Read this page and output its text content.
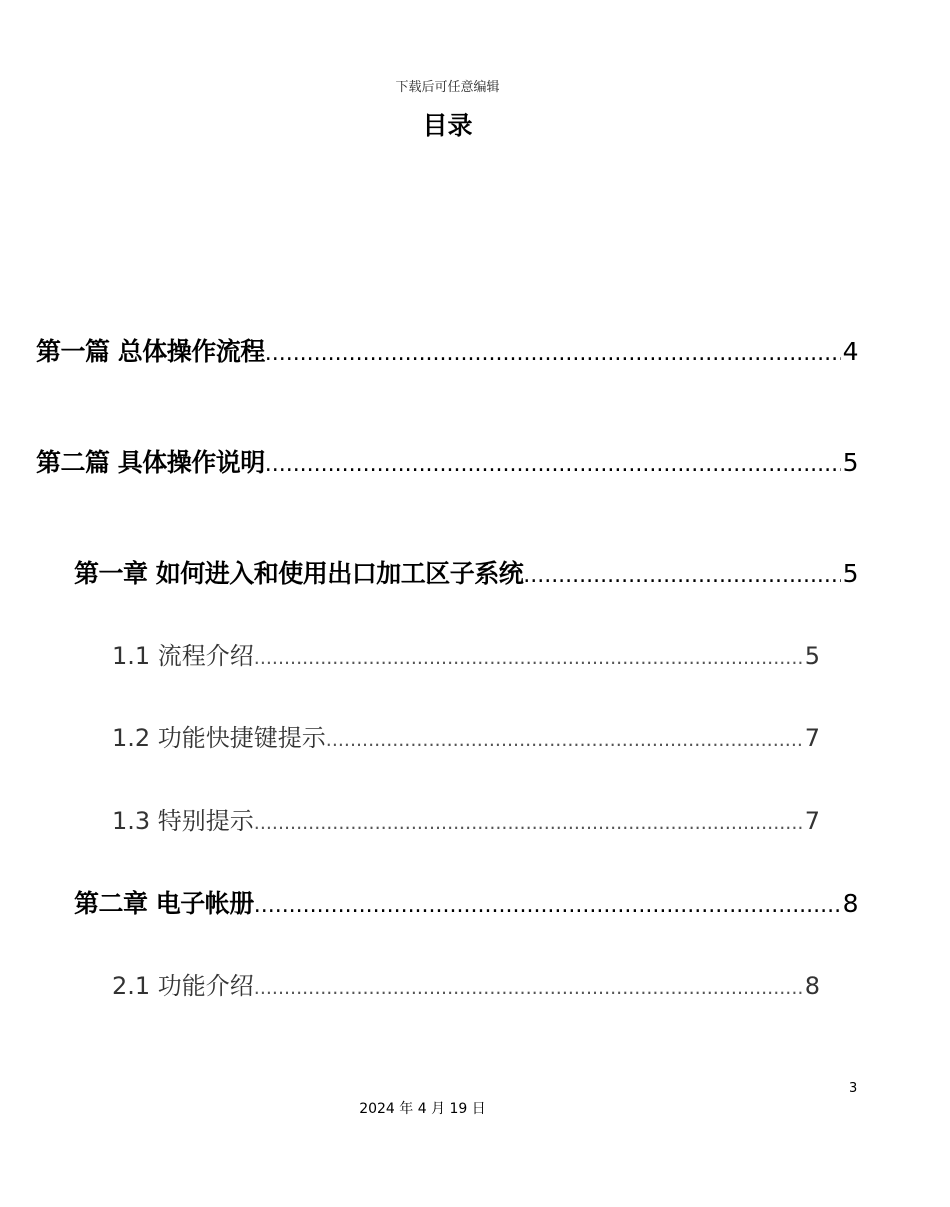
下载后可任意编辑
目录
第一篇 总体操作流程 .....	4
第二篇 具体操作说明 .....	5
第一章 如何进入和使用出口加工区子系统 .....	5
1.1 流程介绍 .....	5
1.2 功能快捷键提示 .....	7
1.3 特别提示 .....	7
第二章 电子帐册 .....	8
2.1 功能介绍 .....	8
3
2024 年 4 月 19 日
